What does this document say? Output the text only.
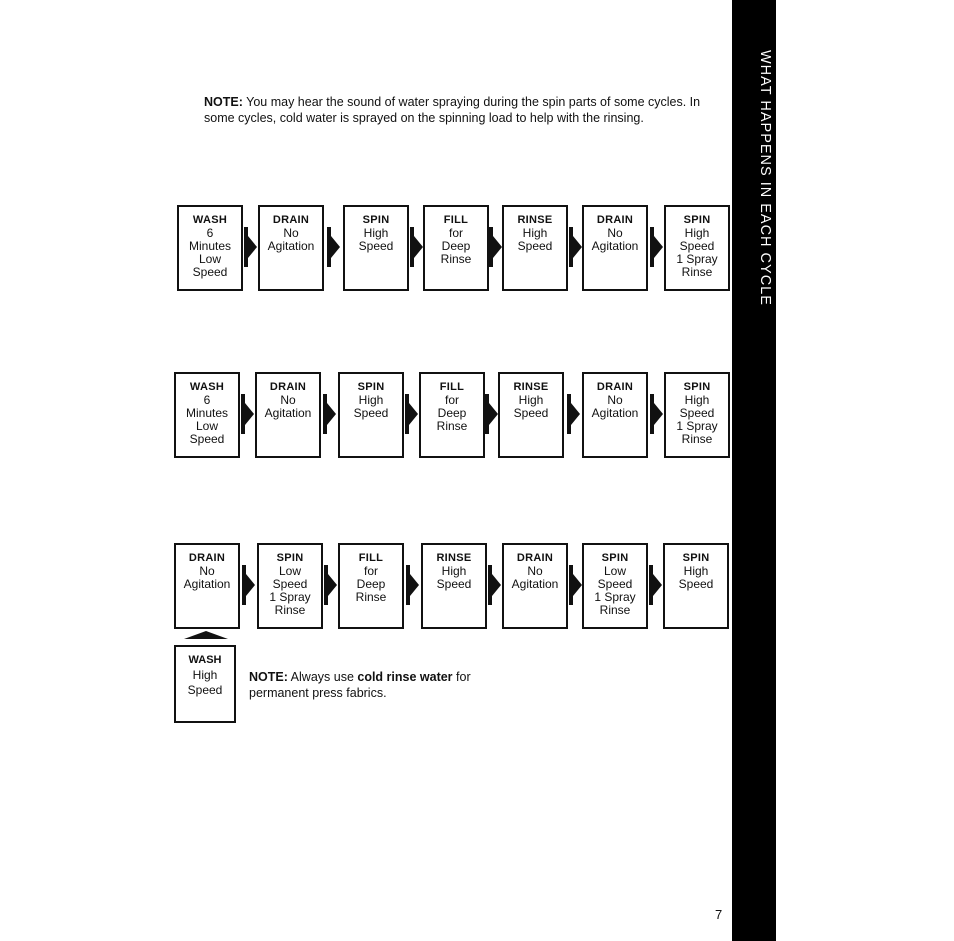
NOTE: You may hear the sound of water spraying during the spin parts of some cycles. In some cycles, cold water is sprayed on the spinning load to help with the rinsing.	WHAT HAPPENS IN EACH CYCLE
WASH
6
Minutes
Low
Speed
DRAIN
No
Agitation
SPIN
High
Speed
FILL
for
Deep
Rinse
RINSE
High
Speed
DRAIN
No
Agitation
SPIN
High
Speed
1 Spray
Rinse
WASH
6
Minutes
Low
Speed
DRAIN
No
Agitation
SPIN
High
Speed
FILL
for
Deep
Rinse
RINSE
High
Speed
DRAIN
No
Agitation
SPIN
High
Speed
1 Spray
Rinse
DRAIN
No
Agitation
SPIN
Low
Speed
1 Spray
Rinse
FILL
for
Deep
Rinse
RINSE
High
Speed
DRAIN
No
Agitation
SPIN
Low
Speed
1 Spray
Rinse
SPIN
High
Speed
WASH
High
Speed

NOTE: Always use cold rinse water for permanent press fabrics.

7
